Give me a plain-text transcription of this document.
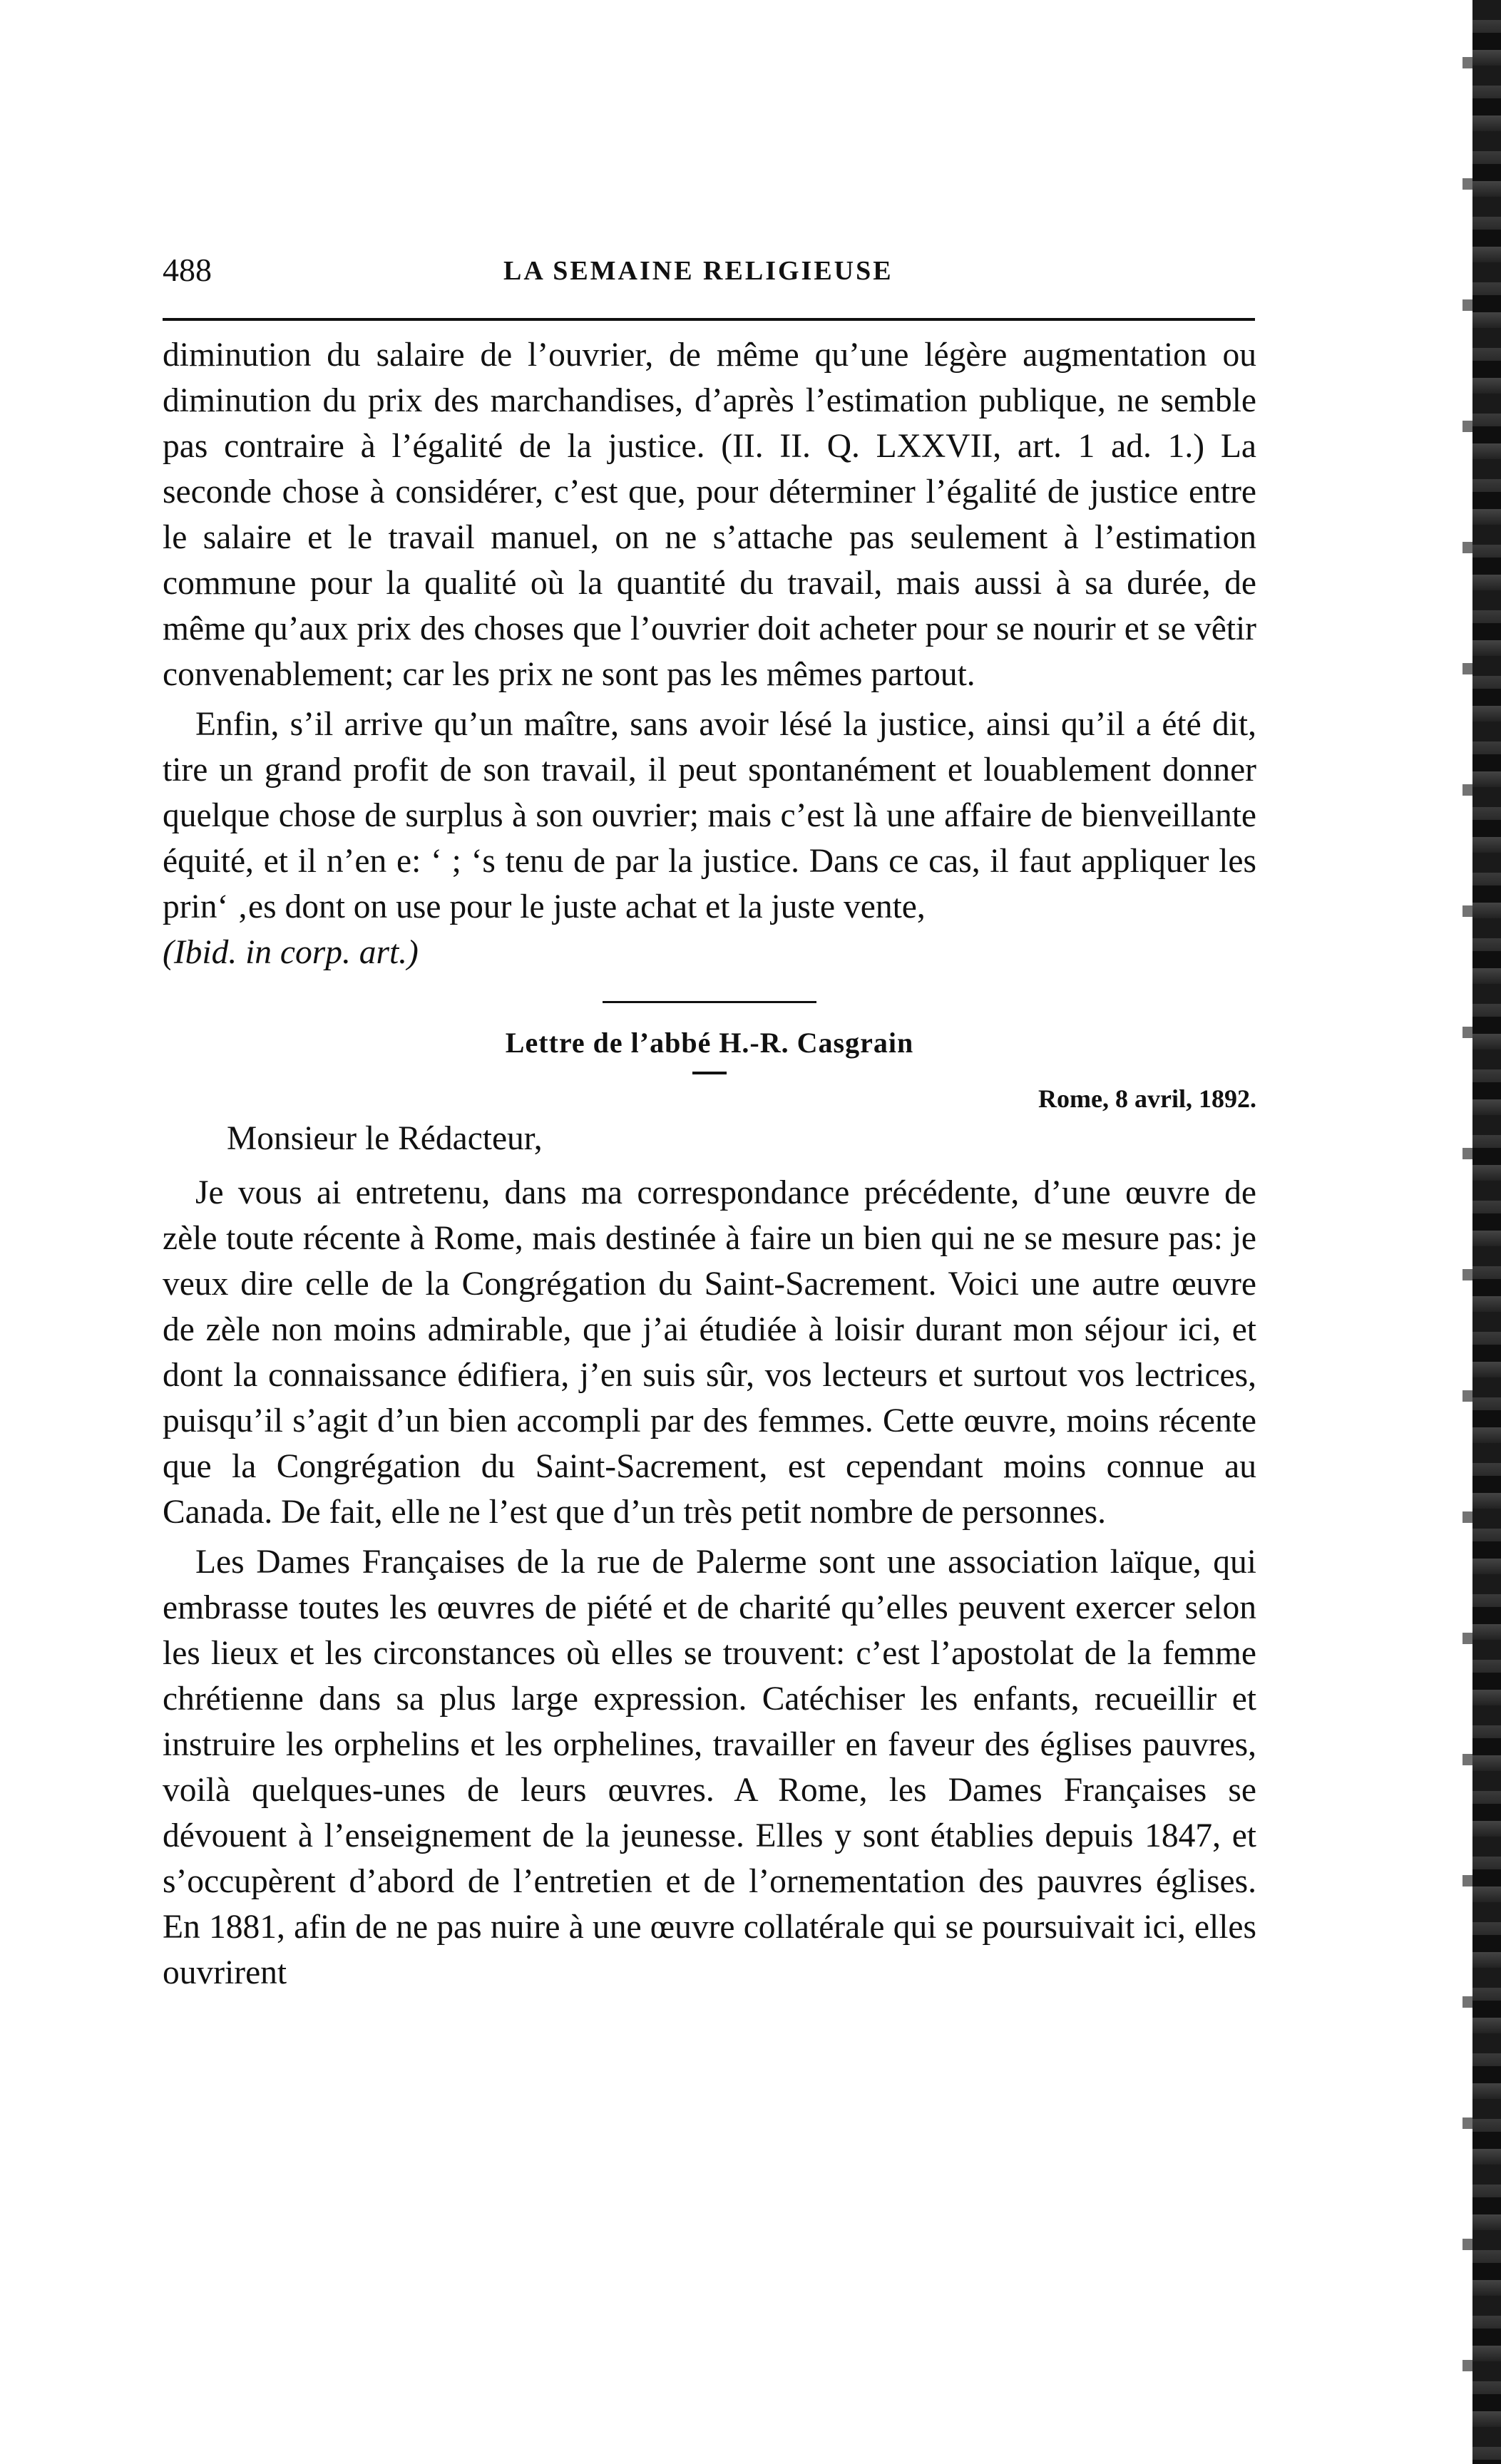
488	LA SEMAINE RELIGIEUSE

diminution du salaire de l’ouvrier, de même qu’une légère augmentation ou diminution du prix des marchandises, d’après l’estimation publique, ne semble pas contraire à l’égalité de la justice. (II. II. Q. LXXVII, art. 1 ad. 1.) La seconde chose à considérer, c’est que, pour déterminer l’égalité de justice entre le salaire et le travail manuel, on ne s’attache pas seulement à l’estimation commune pour la qualité où la quantité du travail, mais aussi à sa durée, de même qu’aux prix des choses que l’ouvrier doit acheter pour se nourir et se vêtir convenablement; car les prix ne sont pas les mêmes partout.

Enfin, s’il arrive qu’un maître, sans avoir lésé la justice, ainsi qu’il a été dit, tire un grand profit de son travail, il peut spontanément et louablement donner quelque chose de surplus à son ouvrier; mais c’est là une affaire de bienveillante équité, et il n’en e: ‘ ; ‘s tenu de par la justice. Dans ce cas, il faut appliquer les prin‘ ‚es dont on use pour le juste achat et la juste vente,

(Ibid. in corp. art.)

Lettre de l’abbé H.-R. Casgrain

Rome, 8 avril, 1892.

Monsieur le Rédacteur,

Je vous ai entretenu, dans ma correspondance précédente, d’une œuvre de zèle toute récente à Rome, mais destinée à faire un bien qui ne se mesure pas: je veux dire celle de la Congrégation du Saint-Sacrement. Voici une autre œuvre de zèle non moins admirable, que j’ai étudiée à loisir durant mon séjour ici, et dont la connaissance édifiera, j’en suis sûr, vos lecteurs et surtout vos lectrices, puisqu’il s’agit d’un bien accompli par des femmes. Cette œuvre, moins récente que la Congrégation du Saint-Sacrement, est cependant moins connue au Canada. De fait, elle ne l’est que d’un très petit nombre de personnes.

Les Dames Françaises de la rue de Palerme sont une association laïque, qui embrasse toutes les œuvres de piété et de charité qu’elles peuvent exercer selon les lieux et les circonstances où elles se trouvent: c’est l’apostolat de la femme chrétienne dans sa plus large expression. Catéchiser les enfants, recueillir et instruire les orphelins et les orphelines, travailler en faveur des églises pauvres, voilà quelques-unes de leurs œuvres. A Rome, les Dames Françaises se dévouent à l’enseignement de la jeunesse. Elles y sont établies depuis 1847, et s’occupèrent d’abord de l’entretien et de l’ornementation des pauvres églises. En 1881, afin de ne pas nuire à une œuvre collatérale qui se poursuivait ici, elles ouvrirent
